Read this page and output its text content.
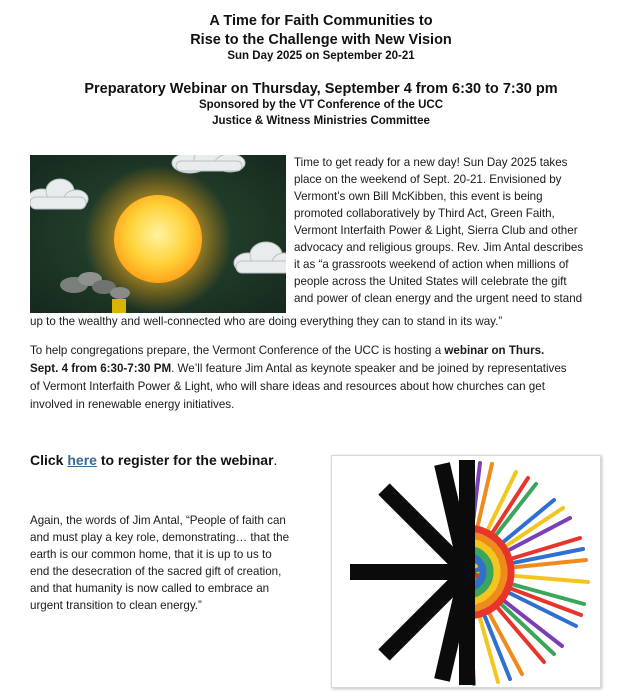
A Time for Faith Communities to
Rise to the Challenge with New Vision
Sun Day 2025 on September 20-21
Preparatory Webinar on Thursday, September 4 from 6:30 to 7:30 pm
Sponsored by the VT Conference of the UCC
Justice & Witness Ministries Committee
Time to get ready for a new day! Sun Day 2025 takes
place on the weekend of Sept. 20-21. Envisioned by
Vermont’s own Bill McKibben, this event is being
promoted collaboratively by Third Act, Green Faith,
Vermont Interfaith Power & Light, Sierra Club and other
advocacy and religious groups. Rev. Jim Antal describes
it as “a grassroots weekend of action when millions of
people across the United States will celebrate the gift
and power of clean energy and the urgent need to stand
up to the wealthy and well-connected who are doing everything they can to stand in its way.”
To help congregations prepare, the Vermont Conference of the UCC is hosting a webinar on Thurs.
Sept. 4 from 6:30-7:30 PM. We’ll feature Jim Antal as keynote speaker and be joined by representatives
of Vermont Interfaith Power & Light, who will share ideas and resources about how churches can get
involved in renewable energy initiatives.
Click here to register for the webinar.
Again, the words of Jim Antal, “People of faith can
and must play a key role, demonstrating… that the
earth is our common home, that it is up to us to
end the desecration of the sacred gift of creation,
and that humanity is now called to embrace an
urgent transition to clean energy.”
